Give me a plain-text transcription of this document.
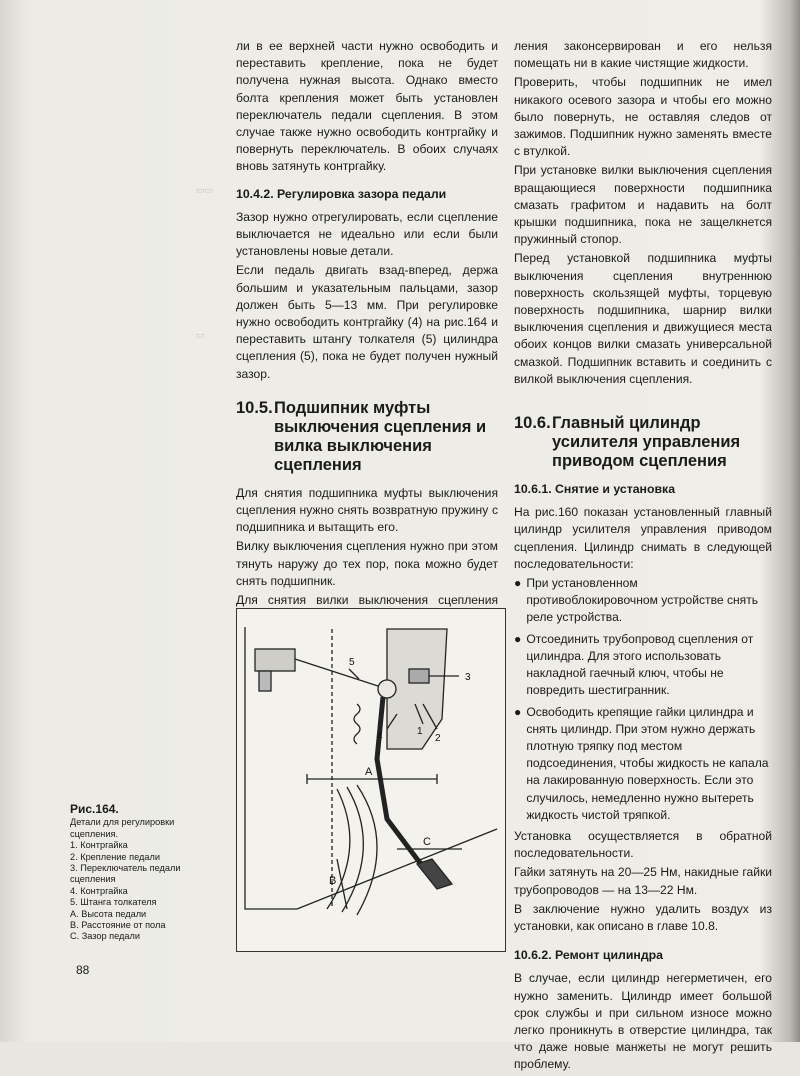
▭▭
▭

ли в ее верхней части нужно освободить и переставить крепление, пока не будет получена нужная высота. Однако вместо болта крепления может быть установлен переключатель педали сцепления. В этом случае также нужно освободить контргайку и повернуть переключатель. В обоих случаях вновь затянуть контргайку.

10.4.2. Регулировка зазора педали

Зазор нужно отрегулировать, если сцепление выключается не идеально или если были установлены новые детали.

Если педаль двигать взад-вперед, держа большим и указательным пальцами, зазор должен быть 5—13 мм. При регулировке нужно освободить контргайку (4) на рис.164 и переставить штангу толкателя (5) цилиндра сцепления (5), пока не будет получен нужный зазор.

10.5.Подшипник муфты выключения сцепления и вилка выключения сцепления

Для снятия подшипника муфты выключения сцепления нужно снять возвратную пружину с подшипника и вытащить его.

Вилку выключения сцепления нужно при этом тянуть наружу до тех пор, пока можно будет снять подшипник.

Для снятия вилки выключения сцепления

ления законсервирован и его нельзя помещать ни в какие чистящие жидкости.

Проверить, чтобы подшипник не имел никакого осевого зазора и чтобы его можно было повернуть, не оставляя следов от зажимов. Подшипник нужно заменять вместе с втулкой.

При установке вилки выключения сцепления вращающиеся поверхности подшипника смазать графитом и надавить на болт крышки подшипника, пока не защелкнется пружинный стопор.

Перед установкой подшипника муфты выключения сцепления внутреннюю поверхность скользящей муфты, торцевую поверхность подшипника, шарнир вилки выключения сцепления и движущиеся места обоих концов вилки смазать универсальной смазкой. Подшипник вставить и соединить с вилкой выключения сцепления.

10.6.Главный цилиндр усилителя управления приводом сцепления
10.6.1. Снятие и установка

На рис.160 показан установленный главный цилиндр усилителя управления приводом сцепления. Цилиндр снимать в следующей последовательности:

● При установленном противоблокировочном устройстве снять реле устройства.
● Отсоединить трубопровод сцепления от цилиндра. Для этого использовать накладной гаечный ключ, чтобы не повредить шестигранник.
● Освободить крепящие гайки цилиндра и снять цилиндр. При этом нужно держать плотную тряпку под местом подсоединения, чтобы жидкость не капала на лакированную поверхность. Если это случилось, немедленно нужно вытереть жидкость чистой тряпкой.

Установка осуществляется в обратной последовательности.

Гайки затянуть на 20—25 Нм, накидные гайки трубопроводов — на 13—22 Нм.

В заключение нужно удалить воздух из установки, как описано в главе 10.8.

10.6.2. Ремонт цилиндра

В случае, если цилиндр негерметичен, его нужно заменить. Цилиндр имеет большой срок службы и при сильном износе можно легко проникнуть в отверстие цилиндра, так что даже новые манжеты не могут решить проблему.

1
2
3
4
5
A
B
C
Рис.164.
Детали для регулировки сцепления.
1. Контргайка
2. Крепление педали
3. Переключатель педали сцепления
4. Контргайка
5. Штанга толкателя
A. Высота педали
B. Расстояние от пола
C. Зазор педали
88
